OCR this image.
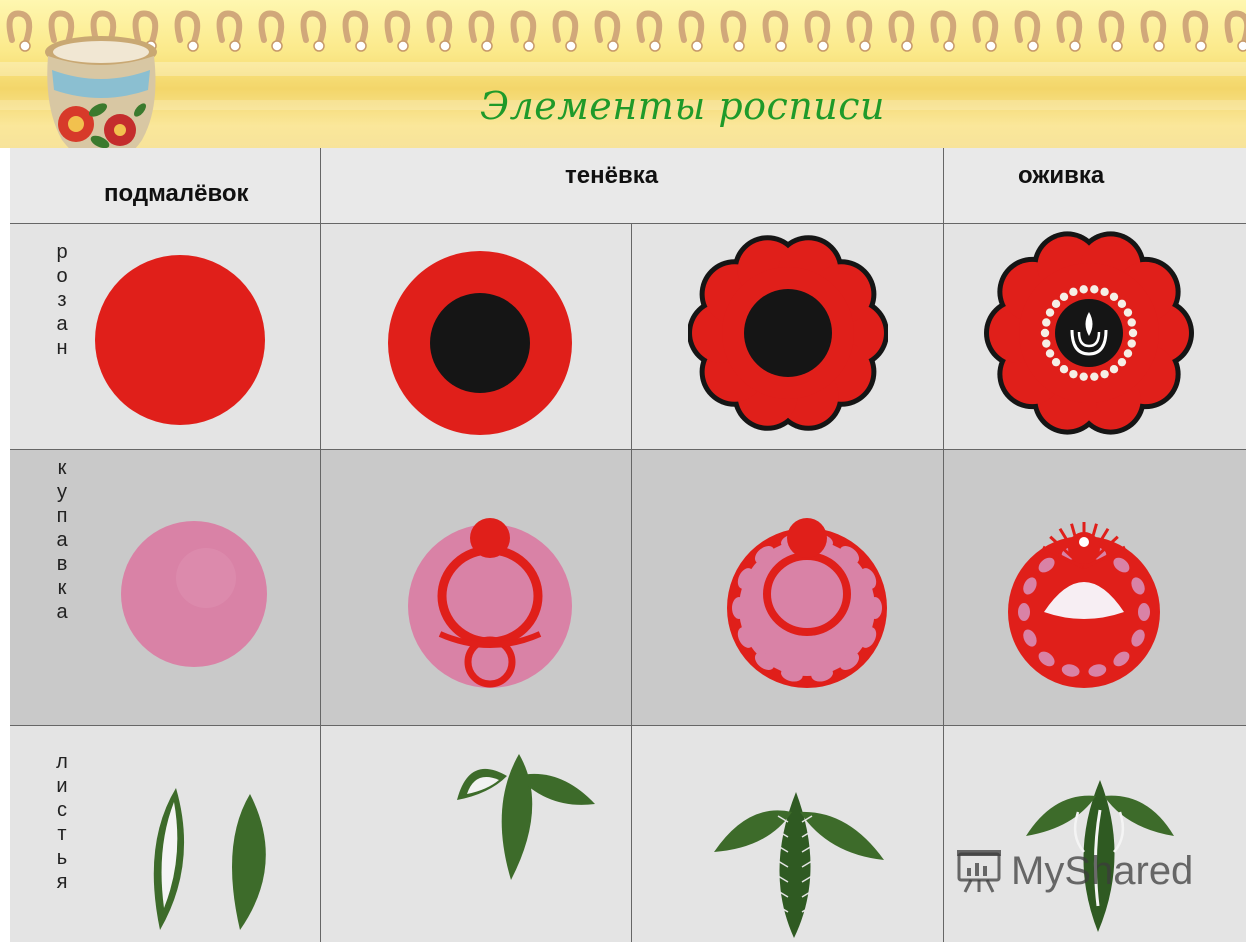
Элементы росписи
подмалёвок
тенёвка	оживка
р
о
з
а
н
к
у
п
а
в
к
а
л
и
с
т
ь
я	MyShared
